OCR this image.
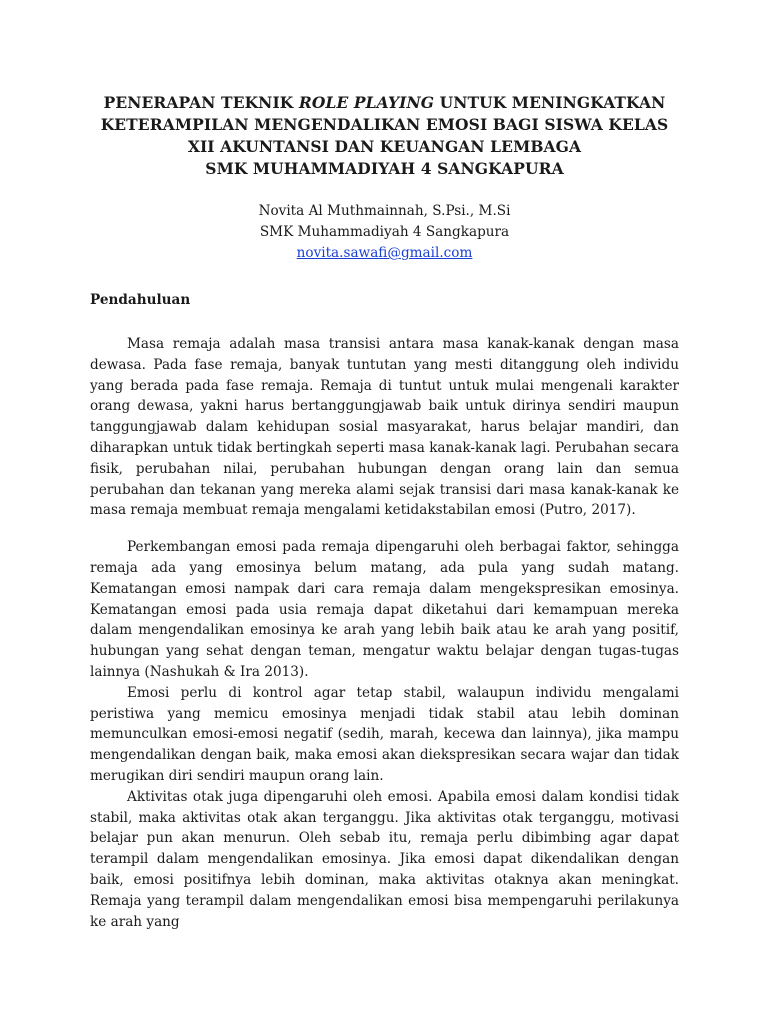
PENERAPAN TEKNIK ROLE PLAYING UNTUK MENINGKATKAN
KETERAMPILAN MENGENDALIKAN EMOSI BAGI SISWA KELAS
XII AKUNTANSI DAN KEUANGAN LEMBAGA
SMK MUHAMMADIYAH 4 SANGKAPURA
Novita Al Muthmainnah, S.Psi., M.Si
SMK Muhammadiyah 4 Sangkapura
novita.sawafi@gmail.com
Pendahuluan

Masa remaja adalah masa transisi antara masa kanak-kanak dengan masa dewasa. Pada fase remaja, banyak tuntutan yang mesti ditanggung oleh individu yang berada pada fase remaja. Remaja di tuntut untuk mulai mengenali karakter orang dewasa, yakni harus bertanggungjawab baik untuk dirinya sendiri maupun tanggungjawab dalam kehidupan sosial masyarakat, harus belajar mandiri, dan diharapkan untuk tidak bertingkah seperti masa kanak-kanak lagi. Perubahan secara fisik, perubahan nilai, perubahan hubungan dengan orang lain dan semua perubahan dan tekanan yang mereka alami sejak transisi dari masa kanak-kanak ke masa remaja membuat remaja mengalami ketidakstabilan emosi (Putro, 2017).

Perkembangan emosi pada remaja dipengaruhi oleh berbagai faktor, sehingga remaja ada yang emosinya belum matang, ada pula yang sudah matang. Kematangan emosi nampak dari cara remaja dalam mengekspresikan emosinya. Kematangan emosi pada usia remaja dapat diketahui dari kemampuan mereka dalam mengendalikan emosinya ke arah yang lebih baik atau ke arah yang positif, hubungan yang sehat dengan teman, mengatur waktu belajar dengan tugas-tugas lainnya (Nashukah & Ira 2013).

Emosi perlu di kontrol agar tetap stabil, walaupun individu mengalami peristiwa yang memicu emosinya menjadi tidak stabil atau lebih dominan memunculkan emosi-emosi negatif (sedih, marah, kecewa dan lainnya), jika mampu mengendalikan dengan baik, maka emosi akan diekspresikan secara wajar dan tidak merugikan diri sendiri maupun orang lain.

Aktivitas otak juga dipengaruhi oleh emosi. Apabila emosi dalam kondisi tidak stabil, maka aktivitas otak akan terganggu. Jika aktivitas otak terganggu, motivasi belajar pun akan menurun. Oleh sebab itu, remaja perlu dibimbing agar dapat terampil dalam mengendalikan emosinya. Jika emosi dapat dikendalikan dengan baik, emosi positifnya lebih dominan, maka aktivitas otaknya akan meningkat. Remaja yang terampil dalam mengendalikan emosi bisa mempengaruhi perilakunya ke arah yang
